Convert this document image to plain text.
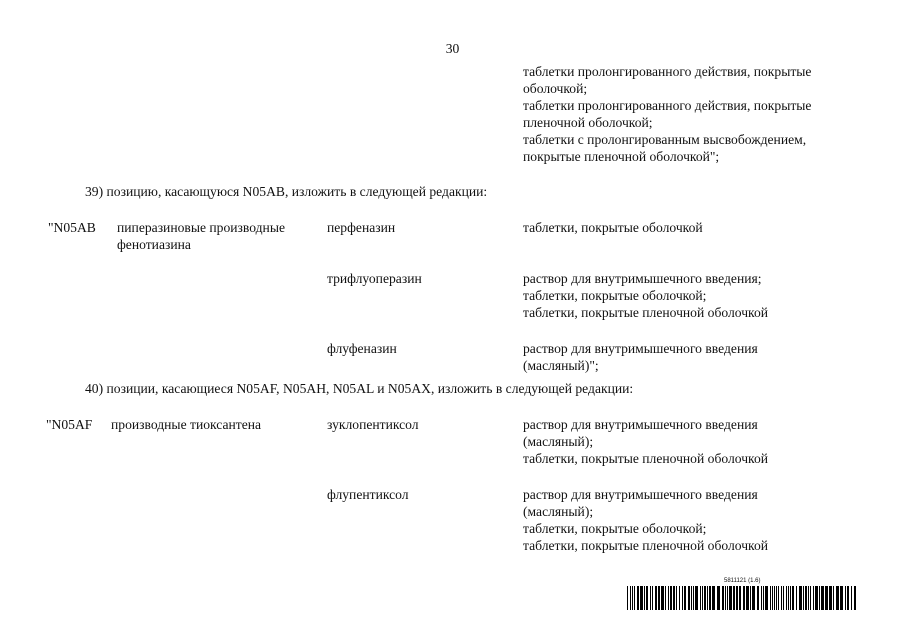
30
таблетки пролонгированного действия, покрытые
оболочкой;
таблетки пролонгированного действия, покрытые
пленочной оболочкой;
таблетки с пролонгированным высвобождением,
покрытые пленочной оболочкой";
39) позицию, касающуюся N05AB, изложить в следующей редакции:
"N05AB пиперазиновые производные
фенотиазина
перфеназин	таблетки, покрытые оболочкой
трифлуоперазин	раствор для внутримышечного введения;
таблетки, покрытые оболочкой;
таблетки, покрытые пленочной оболочкой
флуфеназин	раствор для внутримышечного введения
(масляный)";
40) позиции, касающиеся N05AF, N05AH, N05AL и N05AX, изложить в следующей редакции:
"N05AF производные тиоксантена	зуклопентиксол	раствор для внутримышечного введения
(масляный);
таблетки, покрытые пленочной оболочкой
флупентиксол	раствор для внутримышечного введения
(масляный);
таблетки, покрытые оболочкой;
таблетки, покрытые пленочной оболочкой
5811121 (1.6)
